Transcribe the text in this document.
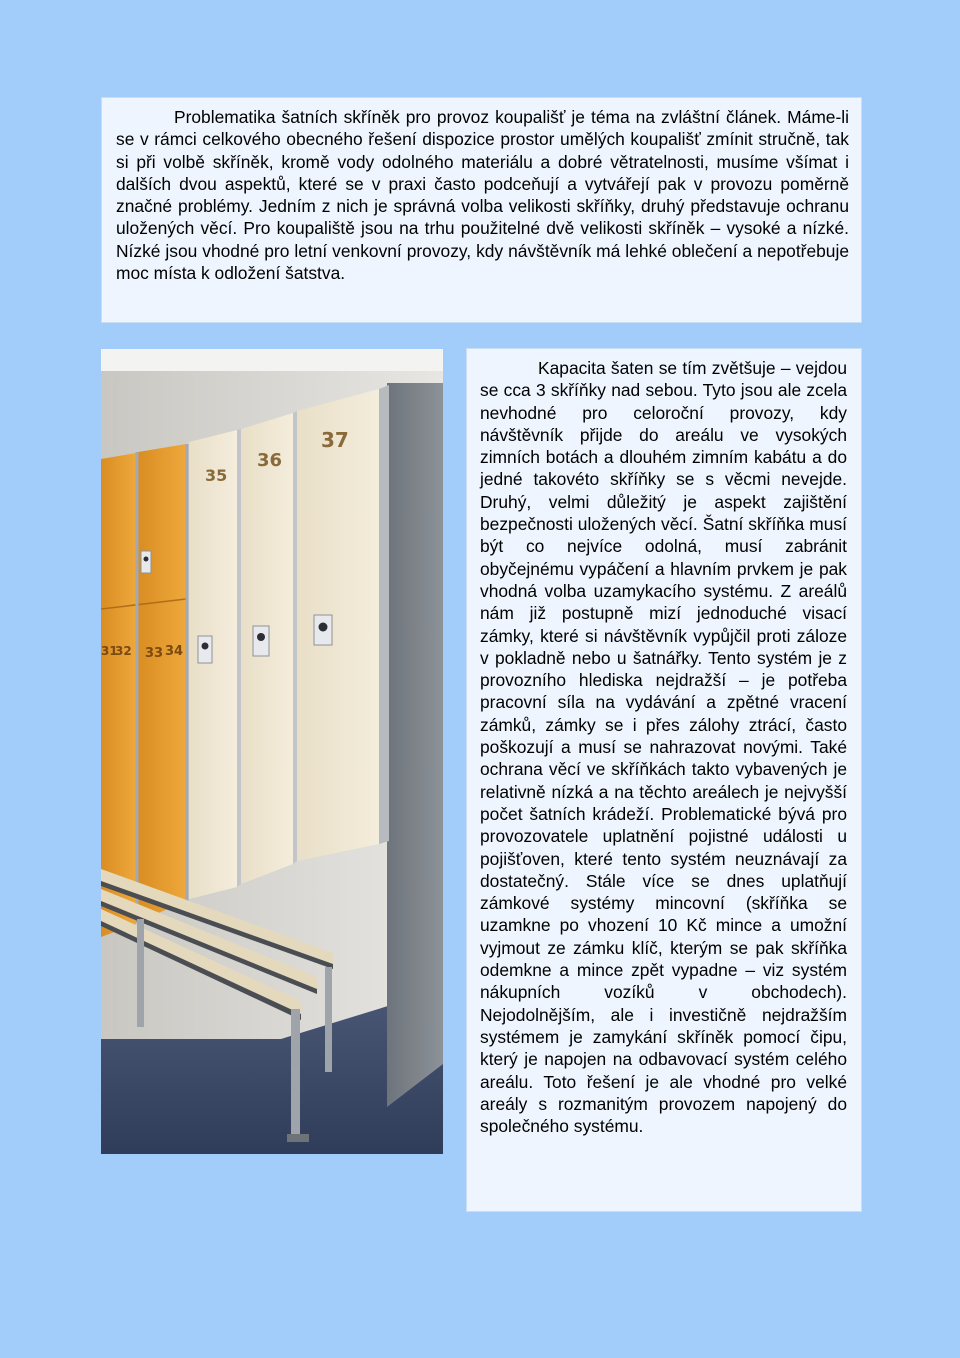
Problematika šatních skříněk pro provoz koupališť je téma na zvláštní článek. Máme-li se v rámci celkového obecného řešení dispozice prostor umělých koupališť zmínit stručně, tak si při volbě skříněk, kromě vody odolného materiálu a dobré větratelnosti, musíme všímat i dalších dvou aspektů, které se v praxi často podceňují a vytvářejí pak v provozu poměrně značné problémy. Jedním z nich je správná volba velikosti skříňky, druhý představuje ochranu uložených věcí. Pro koupaliště jsou na trhu použitelné dvě velikosti skříněk – vysoké a nízké. Nízké jsou vhodné pro letní venkovní provozy, kdy návštěvník má lehké oblečení a nepotřebuje moc místa k odložení šatstva.

35
36
37
33 34
32
31

Kapacita šaten se tím zvětšuje – vejdou se cca 3 skříňky nad sebou. Tyto jsou ale zcela nevhodné pro celoroční provozy, kdy návštěvník přijde do areálu ve vysokých zimních botách a dlouhém zimním kabátu a do jedné takovéto skříňky se s věcmi nevejde. Druhý, velmi důležitý je aspekt zajištění bezpečnosti uložených věcí. Šatní skříňka musí být co nejvíce odolná, musí zabránit obyčejnému vypáčení a hlavním prvkem je pak vhodná volba uzamykacího systému. Z areálů nám již postupně mizí jednoduché visací zámky, které si návštěvník vypůjčil proti záloze v pokladně nebo u šatnářky. Tento systém je z provozního hlediska nejdražší – je potřeba pracovní síla na vydávání a zpětné vracení zámků, zámky se i přes zálohy ztrácí, často poškozují a musí se nahrazovat novými. Také ochrana věcí ve skříňkách takto vybavených je relativně nízká a na těchto areálech je nejvyšší počet šatních krádeží. Problematické bývá pro provozovatele uplatnění pojistné události u pojišťoven, které tento systém neuznávají za dostatečný. Stále více se dnes uplatňují zámkové systémy mincovní (skříňka se uzamkne po vhození 10 Kč mince a umožní vyjmout ze zámku klíč, kterým se pak skříňka odemkne a mince zpět vypadne – viz systém nákupních vozíků v obchodech). Nejodolnějším, ale i investičně nejdražším systémem je zamykání skříněk pomocí čipu, který je napojen na odbavovací systém celého areálu. Toto řešení je ale vhodné pro velké areály s rozmanitým provozem napojený do společného systému.
